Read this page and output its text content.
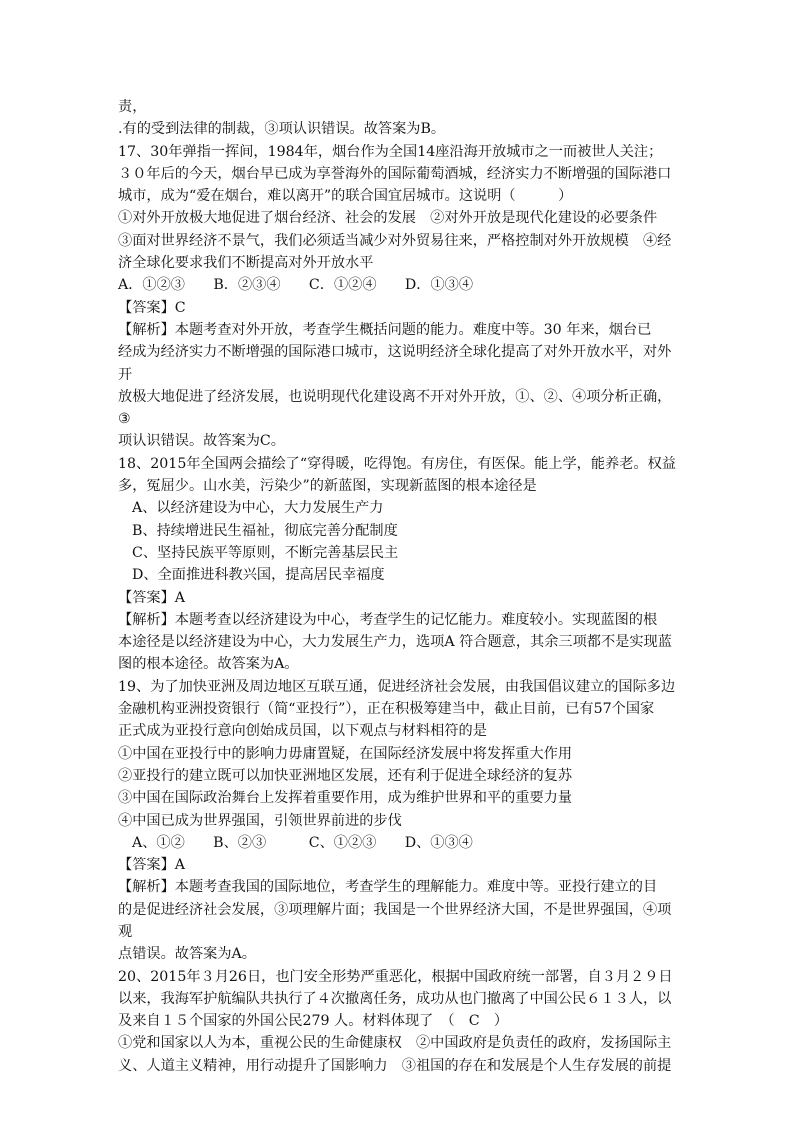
责，
.有的受到法律的制裁，③项认识错误。故答案为B。
17、30年弹指一挥间，1984年，烟台作为全国14座沿海开放城市之一而被世人关注；
３０年后的今天，烟台早已成为享誉海外的国际葡萄酒城，经济实力不断增强的国际港口
城市，成为“爱在烟台，难以离开”的联合国宜居城市。这说明（　　　）
①对外开放极大地促进了烟台经济、社会的发展　②对外开放是现代化建设的必要条件
③面对世界经济不景气，我们必须适当减少对外贸易往来，严格控制对外开放规模　④经
济全球化要求我们不断提高对外开放水平
A．①②③　　B．②③④　　C．①②④　　D．①③④
【答案】C
【解析】本题考查对外开放，考查学生概括问题的能力。难度中等。30 年来，烟台已
经成为经济实力不断增强的国际港口城市，这说明经济全球化提高了对外开放水平，对外
开
放极大地促进了经济发展，也说明现代化建设离不开对外开放，①、②、④项分析正确，
③
项认识错误。故答案为C。
18、2015年全国两会描绘了“穿得暖，吃得饱。有房住，有医保。能上学，能养老。权益
多，冤屈少。山水美，污染少”的新蓝图，实现新蓝图的根本途径是
A、以经济建设为中心，大力发展生产力
B、持续增进民生福祉，彻底完善分配制度
C、坚持民族平等原则，不断完善基层民主
D、全面推进科教兴国，提高居民幸福度
【答案】A
【解析】本题考查以经济建设为中心，考查学生的记忆能力。难度较小。实现蓝图的根
本途径是以经济建设为中心，大力发展生产力，选项A 符合题意，其余三项都不是实现蓝
图的根本途径。故答案为A。
19、为了加快亚洲及周边地区互联互通，促进经济社会发展，由我国倡议建立的国际多边
金融机构亚洲投资银行（简“亚投行”），正在积极筹建当中，截止目前，已有57个国家
正式成为亚投行意向创始成员国，以下观点与材料相符的是
①中国在亚投行中的影响力毋庸置疑，在国际经济发展中将发挥重大作用
②亚投行的建立既可以加快亚洲地区发展，还有利于促进全球经济的复苏
③中国在国际政治舞台上发挥着重要作用，成为维护世界和平的重要力量
④中国已成为世界强国，引领世界前进的步伐
A、①②　　B、②③　　　C、①②③　　D、①③④
【答案】A
【解析】本题考查我国的国际地位，考查学生的理解能力。难度中等。亚投行建立的目
的是促进经济社会发展，③项理解片面；我国是一个世界经济大国，不是世界强国，④项
观
点错误。故答案为A。
20、2015年３月26日，也门安全形势严重恶化，根据中国政府统一部署，自３月２９日
以来，我海军护航编队共执行了４次撤离任务，成功从也门撤离了中国公民６１３人，以
及来自１５个国家的外国公民279 人。材料体现了　（　C　）
①党和国家以人为本，重视公民的生命健康权　②中国政府是负责任的政府，发扬国际主
义、人道主义精神，用行动提升了国影响力　③祖国的存在和发展是个人生存发展的前提
